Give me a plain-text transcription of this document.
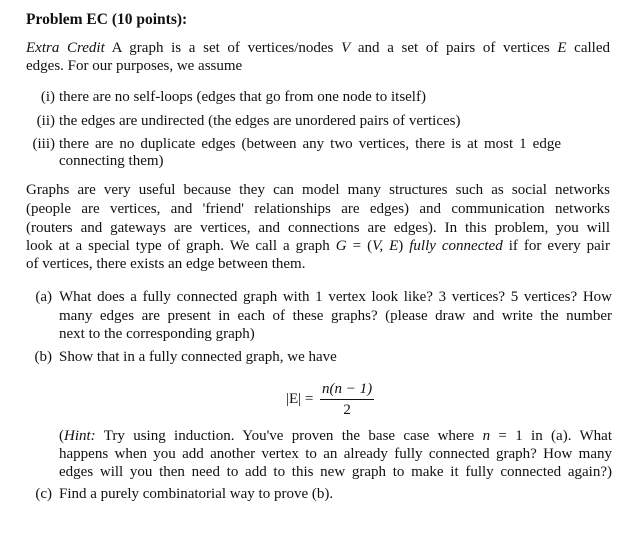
Problem EC (10 points):
$|E| = \frac{n(n - 1)}{2}$
Extra Credit A graph is a set of vertices/nodes V and a set of pairs of vertices E called
edges. For our purposes, we assume
(i) there are no self-loops (edges that go from one node to itself)
(ii) the edges are undirected (the edges are unordered pairs of vertices)
(iii) there are no duplicate edges (between any two vertices, there is at most 1 edge
connecting them)
Graphs are very useful because they can model many structures such as social networks
(people are vertices, and 'friend' relationships are edges) and communication networks
(routers and gateways are vertices, and connections are edges). In this problem, you will
look at a special type of graph. We call a graph G = (V, E) fully connected if for every pair
of vertices, there exists an edge between them.
(a) What does a fully connected graph with 1 vertex look like? 3 vertices? 5 vertices? How
many edges are present in each of these graphs? (please draw and write the number
next to the corresponding graph)
(b) Show that in a fully connected graph, we have
(c) Find a purely combinatorial way to prove (b).
(Hint: Try using induction. You've proven the base case where n = 1 in (a). What
happens when you add another vertex to an already fully connected graph? How many
edges will you then need to add to this new graph to make it fully connected again?)
